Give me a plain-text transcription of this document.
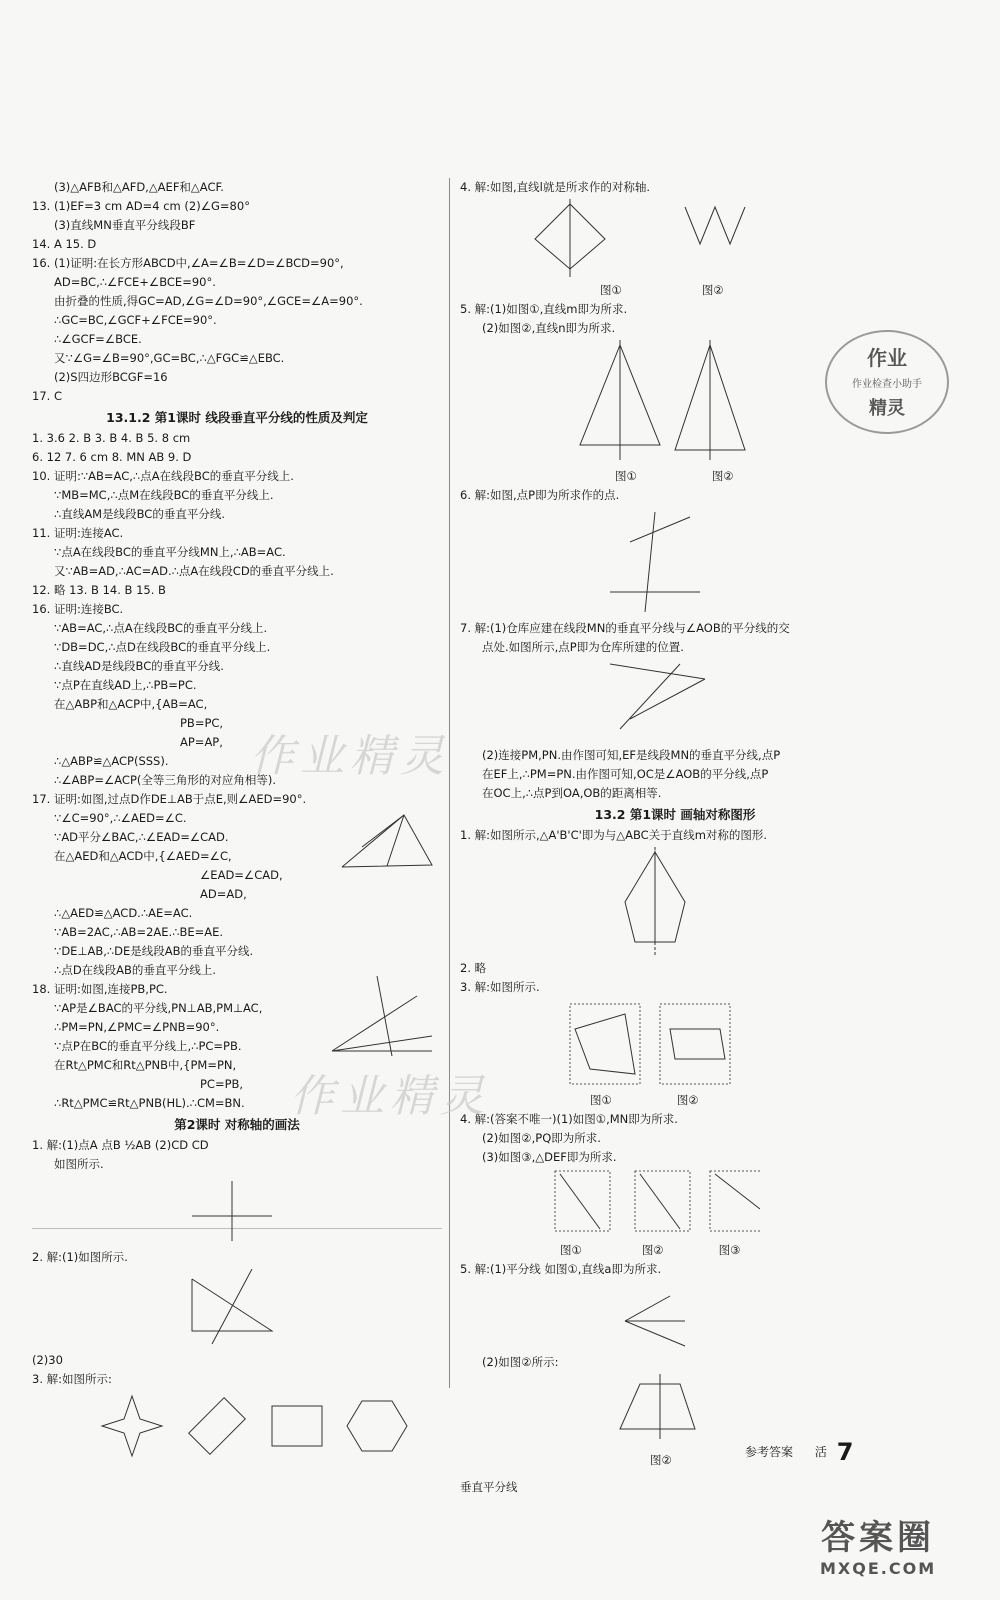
(3)△AFB和△AFD,△AEF和△ACF.
13. (1)EF=3 cm AD=4 cm (2)∠G=80°
(3)直线MN垂直平分线段BF
14. A 15. D
16. (1)证明:在长方形ABCD中,∠A=∠B=∠D=∠BCD=90°,
AD=BC,∴∠FCE+∠BCE=90°.
由折叠的性质,得GC=AD,∠G=∠D=90°,∠GCE=∠A=90°.
∴GC=BC,∠GCF+∠FCE=90°.
∴∠GCF=∠BCE.
又∵∠G=∠B=90°,GC=BC,∴△FGC≌△EBC.
(2)S四边形BCGF=16
17. C
13.1.2 第1课时 线段垂直平分线的性质及判定
1. 3.6 2. B 3. B 4. B 5. 8 cm
6. 12 7. 6 cm 8. MN AB 9. D
10. 证明:∵AB=AC,∴点A在线段BC的垂直平分线上.
∵MB=MC,∴点M在线段BC的垂直平分线上.
∴直线AM是线段BC的垂直平分线.
11. 证明:连接AC.
∵点A在线段BC的垂直平分线MN上,∴AB=AC.
又∵AB=AD,∴AC=AD.∴点A在线段CD的垂直平分线上.
12. 略 13. B 14. B 15. B
16. 证明:连接BC.
∵AB=AC,∴点A在线段BC的垂直平分线上.
∵DB=DC,∴点D在线段BC的垂直平分线上.
∴直线AD是线段BC的垂直平分线.
∵点P在直线AD上,∴PB=PC.
在△ABP和△ACP中,{AB=AC,
PB=PC,
AP=AP,
∴△ABP≌△ACP(SSS).
∴∠ABP=∠ACP(全等三角形的对应角相等).
17. 证明:如图,过点D作DE⊥AB于点E,则∠AED=90°.
∵∠C=90°,∴∠AED=∠C.
∵AD平分∠BAC,∴∠EAD=∠CAD.
在△AED和△ACD中,{∠AED=∠C,
∠EAD=∠CAD,
AD=AD,
∴△AED≌△ACD.∴AE=AC.
∵AB=2AC,∴AB=2AE.∴BE=AE.
∵DE⊥AB,∴DE是线段AB的垂直平分线.
∴点D在线段AB的垂直平分线上.
18. 证明:如图,连接PB,PC.
∵AP是∠BAC的平分线,PN⊥AB,PM⊥AC,
∴PM=PN,∠PMC=∠PNB=90°.
∵点P在BC的垂直平分线上,∴PC=PB.
在Rt△PMC和Rt△PNB中,{PM=PN,
PC=PB,
∴Rt△PMC≌Rt△PNB(HL).∴CM=BN.
第2课时 对称轴的画法
1. 解:(1)点A 点B ½AB (2)CD CD
如图所示.
2. 解:(1)如图所示.
(2)30
3. 解:如图所示:
4. 解:如图,直线l就是所求作的对称轴.
图①	图②
5. 解:(1)如图①,直线m即为所求.
(2)如图②,直线n即为所求.
图①	图②
6. 解:如图,点P即为所求作的点.
7. 解:(1)仓库应建在线段MN的垂直平分线与∠AOB的平分线的交
点处.如图所示,点P即为仓库所建的位置.
(2)连接PM,PN.由作图可知,EF是线段MN的垂直平分线,点P
在EF上,∴PM=PN.由作图可知,OC是∠AOB的平分线,点P
在OC上,∴点P到OA,OB的距离相等.
13.2 第1课时 画轴对称图形
1. 解:如图所示,△A'B'C'即为与△ABC关于直线m对称的图形.
2. 略
3. 解:如图所示.
图①	图②
4. 解:(答案不唯一)(1)如图①,MN即为所求.
(2)如图②,PQ即为所求.
(3)如图③,△DEF即为所求.
图①	图②	图③
5. 解:(1)平分线 如图①,直线a即为所求.
(2)如图②所示:
图②
垂直平分线
作业精灵
作业精灵
作业
作业检查小助手
精灵
参考答案 活 7
答案圈
MXQE.COM
